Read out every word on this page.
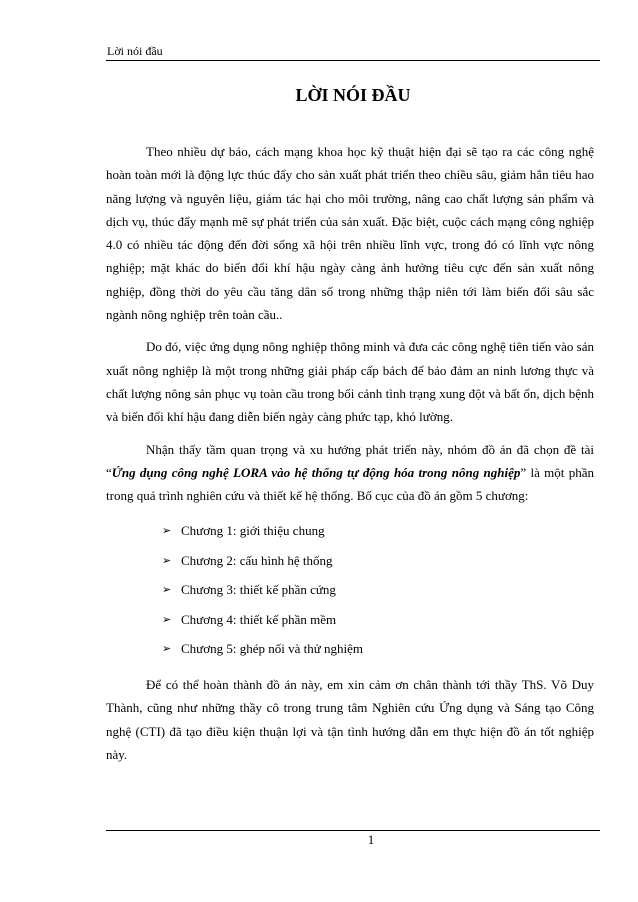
Lời nói đầu
LỜI NÓI ĐẦU

Theo nhiều dự báo, cách mạng khoa học kỹ thuật hiện đại sẽ tạo ra các công nghệ hoàn toàn mới là động lực thúc đẩy cho sản xuất phát triển theo chiều sâu, giảm hẳn tiêu hao năng lượng và nguyên liệu, giảm tác hại cho môi trường, nâng cao chất lượng sản phẩm và dịch vụ, thúc đẩy mạnh mẽ sự phát triển của sản xuất. Đặc biệt, cuộc cách mạng công nghiệp 4.0 có nhiều tác động đến đời sống xã hội trên nhiều lĩnh vực, trong đó có lĩnh vực nông nghiệp; mặt khác do biến đổi khí hậu ngày càng ảnh hưởng tiêu cực đến sản xuất nông nghiệp, đồng thời do yêu cầu tăng dân số trong những thập niên tới làm biến đổi sâu sắc ngành nông nghiệp trên toàn cầu..

Do đó, việc ứng dụng nông nghiệp thông minh và đưa các công nghệ tiên tiến vào sản xuất nông nghiệp là một trong những giải pháp cấp bách để bảo đảm an ninh lương thực và chất lượng nông sản phục vụ toàn cầu trong bối cảnh tình trạng xung đột và bất ổn, dịch bệnh và biến đổi khí hậu đang diễn biến ngày càng phức tạp, khó lường.

Nhận thấy tầm quan trọng và xu hướng phát triển này, nhóm đồ án đã chọn đề tài “Ứng dụng công nghệ LORA vào hệ thống tự động hóa trong nông nghiệp” là một phần trong quá trình nghiên cứu và thiết kế hệ thống. Bố cục của đồ án gồm 5 chương:

➢ Chương 1: giới thiệu chung
➢ Chương 2: cấu hình hệ thống
➢ Chương 3: thiết kế phần cứng
➢ Chương 4: thiết kế phần mềm
➢ Chương 5: ghép nối và thử nghiệm

Để có thể hoàn thành đồ án này, em xin cảm ơn chân thành tới thầy ThS. Võ Duy Thành, cũng như những thầy cô trong trung tâm Nghiên cứu Ứng dụng và Sáng tạo Công nghệ (CTI) đã tạo điều kiện thuận lợi và tận tình hướng dẫn em thực hiện đồ án tốt nghiệp này.

1
